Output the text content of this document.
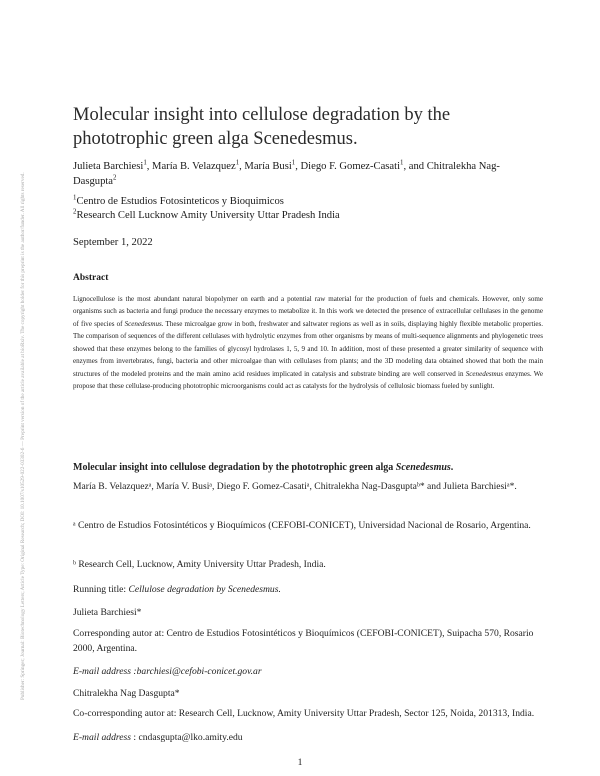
Publisher: Springer; Journal: Biotechnology Letters; Article Type: Original Research; DOI: 10.1007/s10529-022-03302-6 — Preprint version of the article available at bioRxiv. The copyright holder for this preprint is the author/funder. All rights reserved.
Molecular insight into cellulose degradation by the phototrophic green alga Scenedesmus.
Julieta Barchiesi$^1$, María B. Velazquez$^1$, María Busi$^1$, Diego F. Gomez-Casati$^1$, and Chitralekha Nag-Dasgupta$^2$
$^1$Centro de Estudios Fotosinteticos y Bioquimicos
$^2$Research Cell Lucknow Amity University Uttar Pradesh India
September 1, 2022
Abstract
Lignocellulose is the most abundant natural biopolymer on earth and a potential raw material for the production of fuels and chemicals. However, only some organisms such as bacteria and fungi produce the necessary enzymes to metabolize it. In this work we detected the presence of extracellular cellulases in the genome of five species of Scenedesmus. These microalgae grow in both, freshwater and saltwater regions as well as in soils, displaying highly flexible metabolic properties. The comparison of sequences of the different cellulases with hydrolytic enzymes from other organisms by means of multi-sequence alignments and phylogenetic trees showed that these enzymes belong to the families of glycosyl hydrolases 1, 5, 9 and 10. In addition, most of these presented a greater similarity of sequence with enzymes from invertebrates, fungi, bacteria and other microalgae than with cellulases from plants; and the 3D modeling data obtained showed that both the main structures of the modeled proteins and the main amino acid residues implicated in catalysis and substrate binding are well conserved in Scenedesmus enzymes. We propose that these cellulase-producing phototrophic microorganisms could act as catalysts for the hydrolysis of cellulosic biomass fueled by sunlight.
Molecular insight into cellulose degradation by the phototrophic green alga Scenedesmus.
María B. Velazquezᵃ, María V. Busiᵃ, Diego F. Gomez-Casatiᵃ, Chitralekha Nag-Dasguptaᵇ* and Julieta Barchiesiᵃ*.
ᵃ Centro de Estudios Fotosintéticos y Bioquímicos (CEFOBI-CONICET), Universidad Nacional de Rosario, Argentina.
ᵇ Research Cell, Lucknow, Amity University Uttar Pradesh, India.
Running title: Cellulose degradation by Scenedesmus.
Julieta Barchiesi*
Corresponding autor at: Centro de Estudios Fotosintéticos y Bioquímicos (CEFOBI-CONICET), Suipacha 570, Rosario 2000, Argentina.
E-mail address :barchiesi@cefobi-conicet.gov.ar
Chitralekha Nag Dasgupta*
Co-corresponding autor at: Research Cell, Lucknow, Amity University Uttar Pradesh, Sector 125, Noida, 201313, India.
E-mail address : cndasgupta@lko.amity.edu
1
